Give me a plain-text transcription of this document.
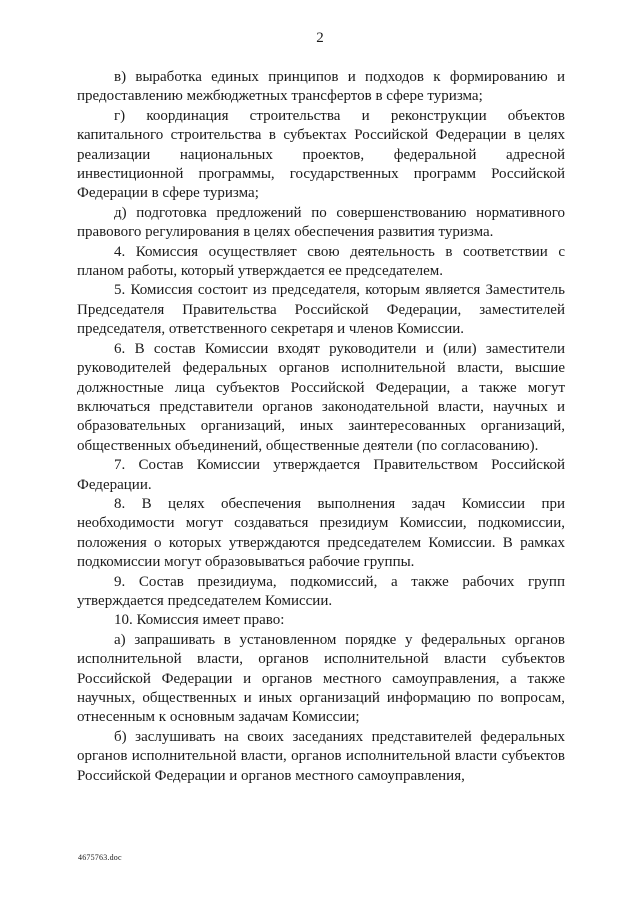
2

в) выработка единых принципов и подходов к формированию и предоставлению межбюджетных трансфертов в сфере туризма;

г) координация строительства и реконструкции объектов капитального строительства в субъектах Российской Федерации в целях реализации национальных проектов, федеральной адресной инвестиционной программы, государственных программ Российской Федерации в сфере туризма;

д) подготовка предложений по совершенствованию нормативного правового регулирования в целях обеспечения развития туризма.

4. Комиссия осуществляет свою деятельность в соответствии с планом работы, который утверждается ее председателем.

5. Комиссия состоит из председателя, которым является Заместитель Председателя Правительства Российской Федерации, заместителей председателя, ответственного секретаря и членов Комиссии.

6. В состав Комиссии входят руководители и (или) заместители руководителей федеральных органов исполнительной власти, высшие должностные лица субъектов Российской Федерации, а также могут включаться представители органов законодательной власти, научных и образовательных организаций, иных заинтересованных организаций, общественных объединений, общественные деятели (по согласованию).

7. Состав Комиссии утверждается Правительством Российской Федерации.

8. В целях обеспечения выполнения задач Комиссии при необходимости могут создаваться президиум Комиссии, подкомиссии, положения о которых утверждаются председателем Комиссии. В рамках подкомиссии могут образовываться рабочие группы.

9. Состав президиума, подкомиссий, а также рабочих групп утверждается председателем Комиссии.

10. Комиссия имеет право:

а) запрашивать в установленном порядке у федеральных органов исполнительной власти, органов исполнительной власти субъектов Российской Федерации и органов местного самоуправления, а также научных, общественных и иных организаций информацию по вопросам, отнесенным к основным задачам Комиссии;

б) заслушивать на своих заседаниях представителей федеральных органов исполнительной власти, органов исполнительной власти субъектов Российской Федерации и органов местного самоуправления,

4675763.doc
